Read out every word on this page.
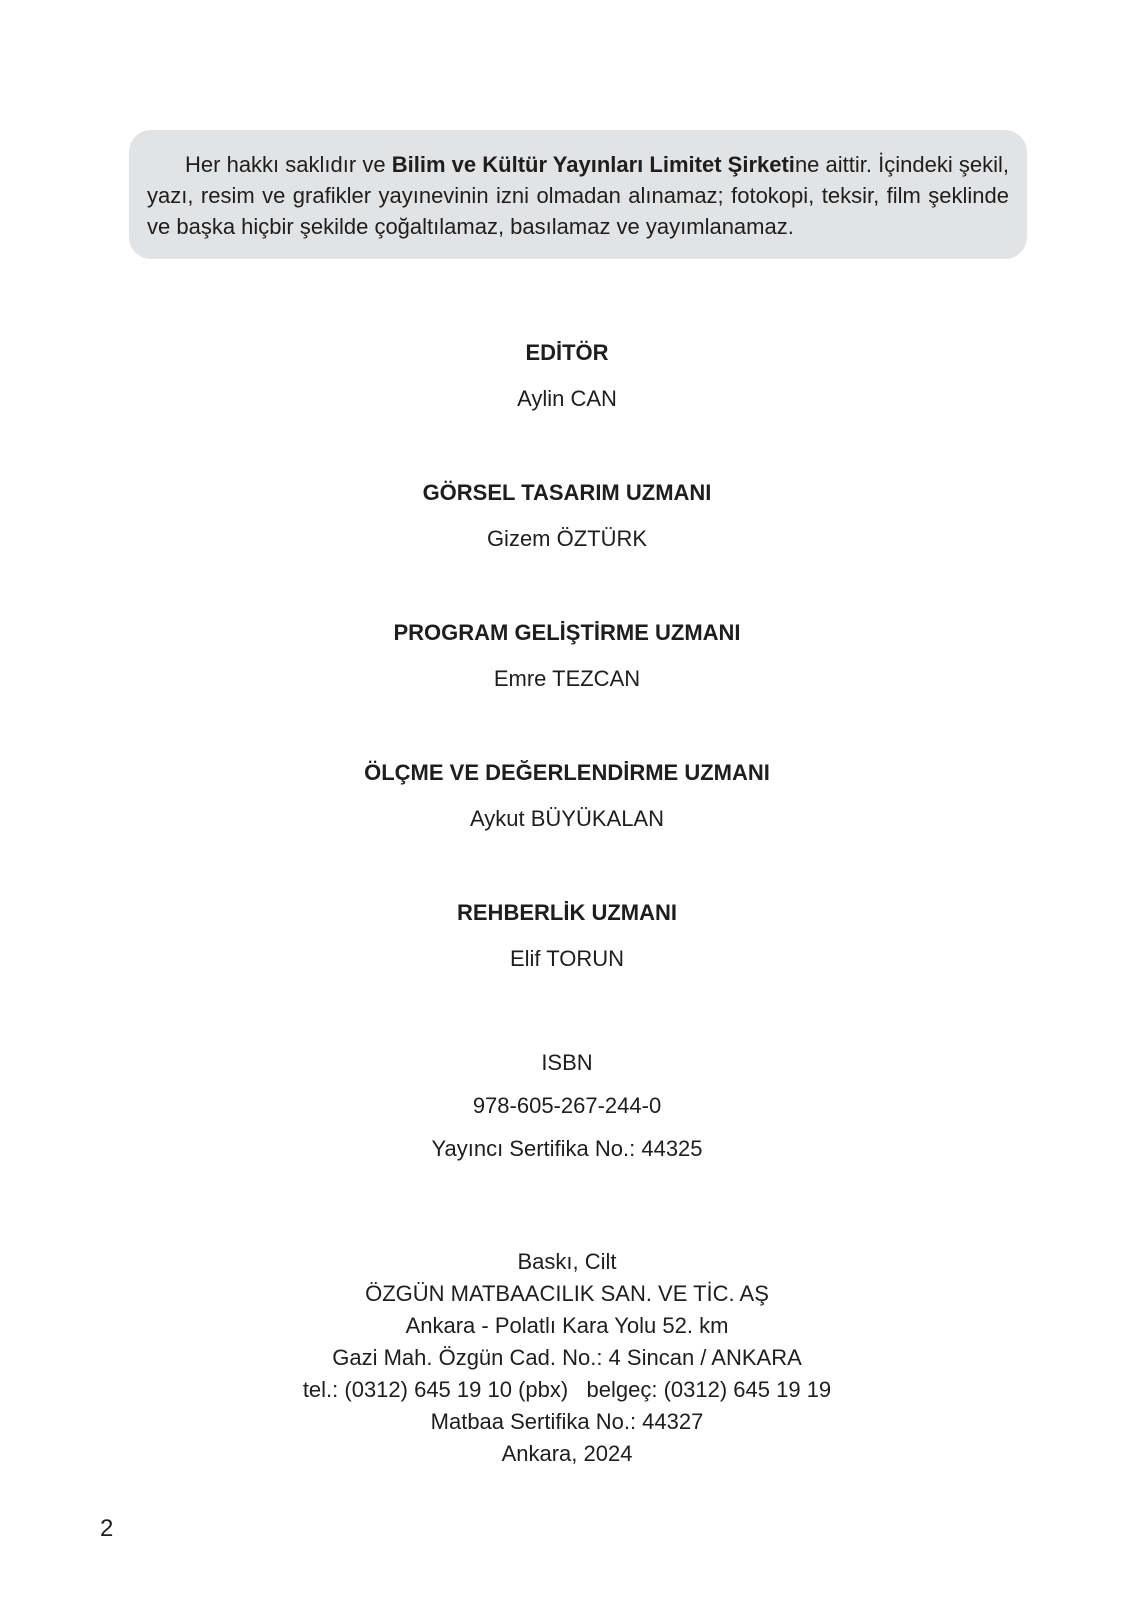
Her hakkı saklıdır ve Bilim ve Kültür Yayınları Limitet Şirketine aittir. İçindeki şekil, yazı, resim ve grafikler yayınevinin izni olmadan alınamaz; fotokopi, teksir, film şeklinde ve başka hiçbir şekilde çoğaltılamaz, basılamaz ve yayımlanamaz.
EDİTÖR
Aylin CAN
GÖRSEL TASARIM UZMANI
Gizem ÖZTÜRK
PROGRAM GELİŞTİRME UZMANI
Emre TEZCAN
ÖLÇME VE DEĞERLENDİRME UZMANI
Aykut BÜYÜKALAN
REHBERLİK UZMANI
Elif TORUN
ISBN
978-605-267-244-0
Yayıncı Sertifika No.: 44325
Baskı, Cilt
ÖZGÜN MATBAACILIK SAN. VE TİC. AŞ
Ankara - Polatlı Kara Yolu 52. km
Gazi Mah. Özgün Cad. No.: 4 Sincan / ANKARA
tel.: (0312) 645 19 10 (pbx)   belgeç: (0312) 645 19 19
Matbaa Sertifika No.: 44327
Ankara, 2024
2
